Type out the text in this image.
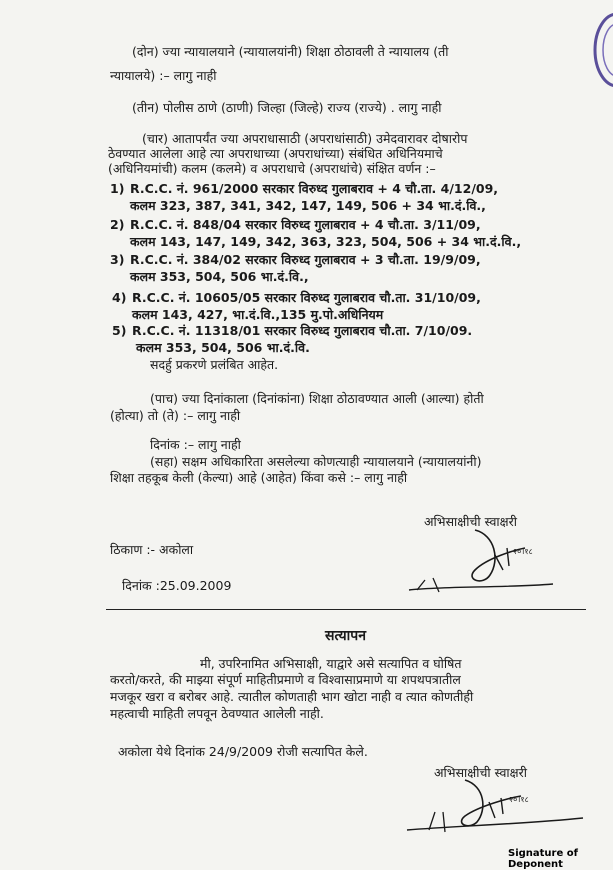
(दोन) ज्या न्यायालयाने (न्यायालयांनी) शिक्षा ठोठावली ते न्यायालय (ती
न्यायालये) :– लागु नाही
(तीन) पोलीस ठाणे (ठाणी) जिल्हा (जिल्हे) राज्य (राज्ये) . लागु नाही
(चार) आतापर्यंत ज्या अपराधासाठी (अपराधांसाठी) उमेदवारावर दोषारोप
ठेवण्यात आलेला आहे त्या अपराधाच्या (अपराधांच्या) संबंधित अधिनियमाचे
(अधिनियमांची) कलम (कलमे) व अपराधाचे (अपराधांचे) संक्षित वर्णन :–
1) R.C.C. नं. 961/2000 सरकार विरुध्द गुलाबराव + 4 चौ.ता. 4/12/09,
कलम 323, 387, 341, 342, 147, 149, 506 + 34 भा.दं.वि.,
2) R.C.C. नं. 848/04 सरकार विरुध्द गुलाबराव + 4 चौ.ता. 3/11/09,
कलम 143, 147, 149, 342, 363, 323, 504, 506 + 34 भा.दं.वि.,
3) R.C.C. नं. 384/02 सरकार विरुध्द गुलाबराव + 3 चौ.ता. 19/9/09,
कलम 353, 504, 506 भा.दं.वि.,
4) R.C.C. नं. 10605/05 सरकार विरुध्द गुलाबराव चौ.ता. 31/10/09,
कलम 143, 427, भा.दं.वि.,135 मु.पो.अधिनियम
5) R.C.C. नं. 11318/01 सरकार विरुध्द गुलाबराव चौ.ता. 7/10/09.
कलम 353, 504, 506 भा.दं.वि.
सदर्हु प्रकरणे प्रलंबित आहेत.
(पाच) ज्या दिनांकाला (दिनांकांना) शिक्षा ठोठावण्यात आली (आल्या) होती
(होत्या) तो (ते) :– लागु नाही
दिनांक :– लागु नाही
(सहा) सक्षम अधिकारिता असलेल्या कोणत्याही न्यायालयाने (न्यायालयांनी)
शिक्षा तहकूब केली (केल्या) आहे (आहेत) किंवा कसे :– लागु नाही
अभिसाक्षीची स्वाक्षरी
२०।१८
ठिकाण :- अकोला
दिनांक :25.09.2009
सत्यापन
मी, उपरिनामित अभिसाक्षी, याद्वारे असे सत्यापित व घोषित
करतो/करते, की माझ्या संपूर्ण माहितीप्रमाणे व विश्वासाप्रमाणे या शपथपत्रातील
मजकूर खरा व बरोबर आहे. त्यातील कोणताही भाग खोटा नाही व त्यात कोणतीही
महत्वाची माहिती लपवून ठेवण्यात आलेली नाही.
अकोला येथे दिनांक 24/9/2009 रोजी सत्यापित केले.
अभिसाक्षीची स्वाक्षरी
२०।१८
Signature of Deponent
